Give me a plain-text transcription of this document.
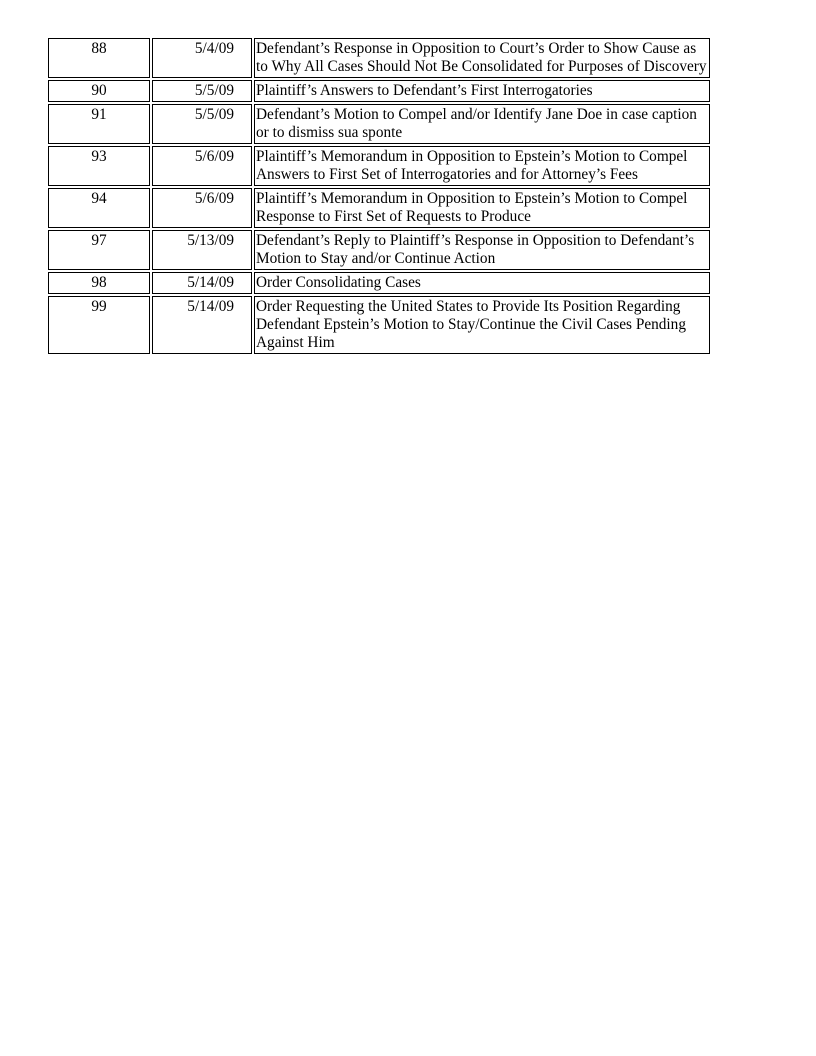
88	5/4/09	Defendant’s Response in Opposition to Court’s Order to Show Cause as to Why All Cases Should Not Be Consolidated for Purposes of Discovery

90	5/5/09	Plaintiff’s Answers to Defendant’s First Interrogatories

91	5/5/09	Defendant’s Motion to Compel and/or Identify Jane Doe in case caption or to dismiss sua sponte

93	5/6/09	Plaintiff’s Memorandum in Opposition to Epstein’s Motion to Compel Answers to First Set of Interrogatories and for Attorney’s Fees

94	5/6/09	Plaintiff’s Memorandum in Opposition to Epstein’s Motion to Compel Response to First Set of Requests to Produce

97	5/13/09	Defendant’s Reply to Plaintiff’s Response in Opposition to Defendant’s Motion to Stay and/or Continue Action

98	5/14/09	Order Consolidating Cases

99	5/14/09	Order Requesting the United States to Provide Its Position Regarding Defendant Epstein’s Motion to Stay/Continue the Civil Cases Pending Against Him
